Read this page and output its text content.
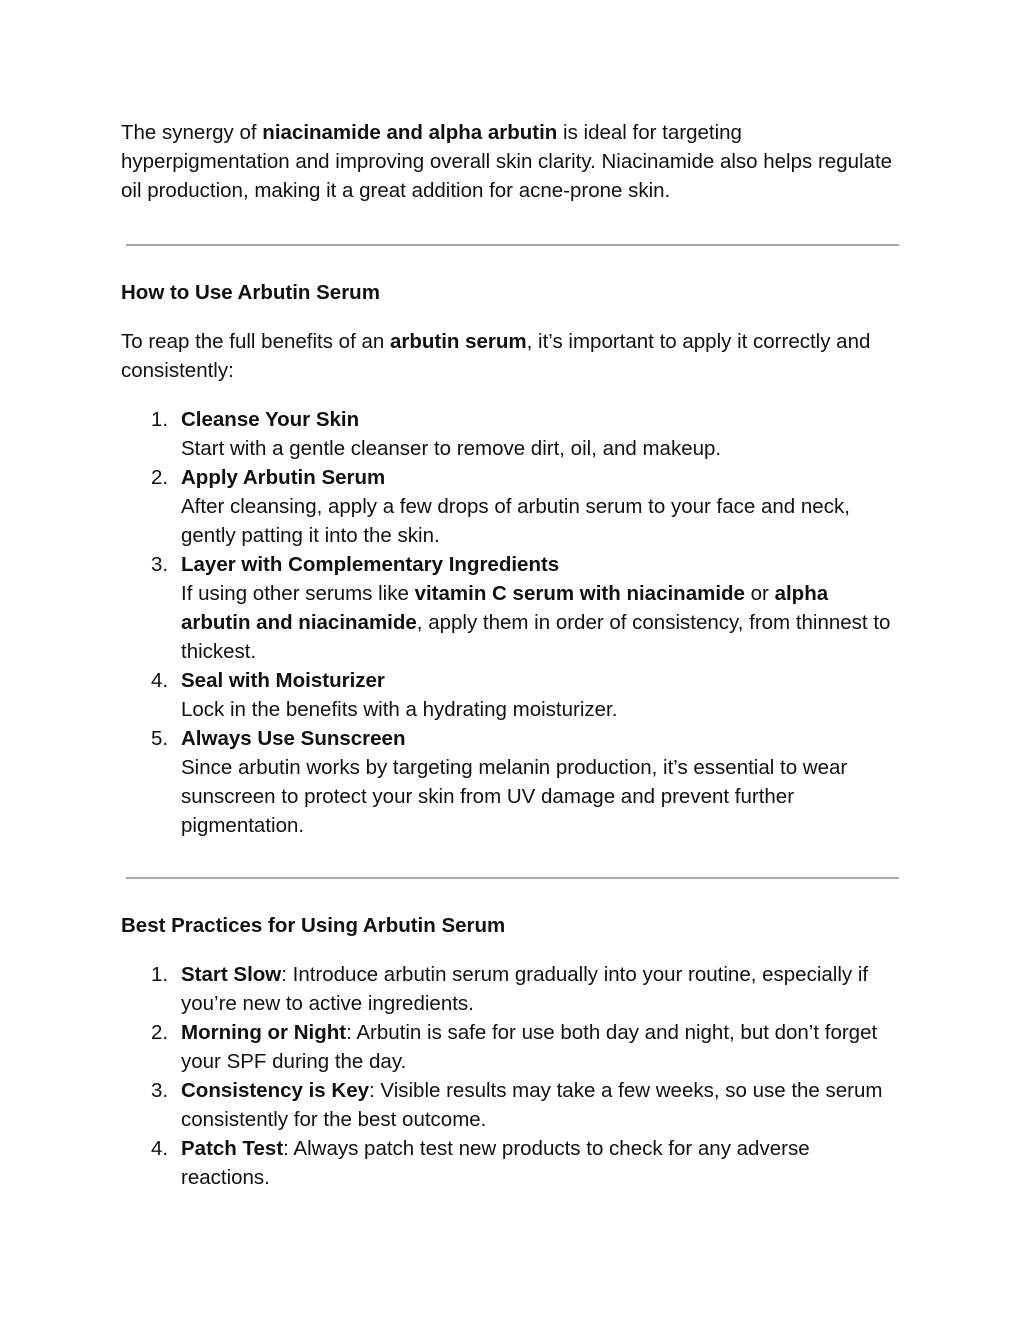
The synergy of niacinamide and alpha arbutin is ideal for targeting hyperpigmentation and improving overall skin clarity. Niacinamide also helps regulate oil production, making it a great addition for acne-prone skin.

How to Use Arbutin Serum

To reap the full benefits of an arbutin serum, it’s important to apply it correctly and consistently:

1. Cleanse Your Skin
Start with a gentle cleanser to remove dirt, oil, and makeup.
2. Apply Arbutin Serum
After cleansing, apply a few drops of arbutin serum to your face and neck, gently patting it into the skin.
3. Layer with Complementary Ingredients
If using other serums like vitamin C serum with niacinamide or alpha arbutin and niacinamide, apply them in order of consistency, from thinnest to thickest.
4. Seal with Moisturizer
Lock in the benefits with a hydrating moisturizer.
5. Always Use Sunscreen
Since arbutin works by targeting melanin production, it’s essential to wear sunscreen to protect your skin from UV damage and prevent further pigmentation.
Best Practices for Using Arbutin Serum
1. Start Slow: Introduce arbutin serum gradually into your routine, especially if you’re new to active ingredients.
2. Morning or Night: Arbutin is safe for use both day and night, but don’t forget your SPF during the day.
3. Consistency is Key: Visible results may take a few weeks, so use the serum consistently for the best outcome.
4. Patch Test: Always patch test new products to check for any adverse reactions.
